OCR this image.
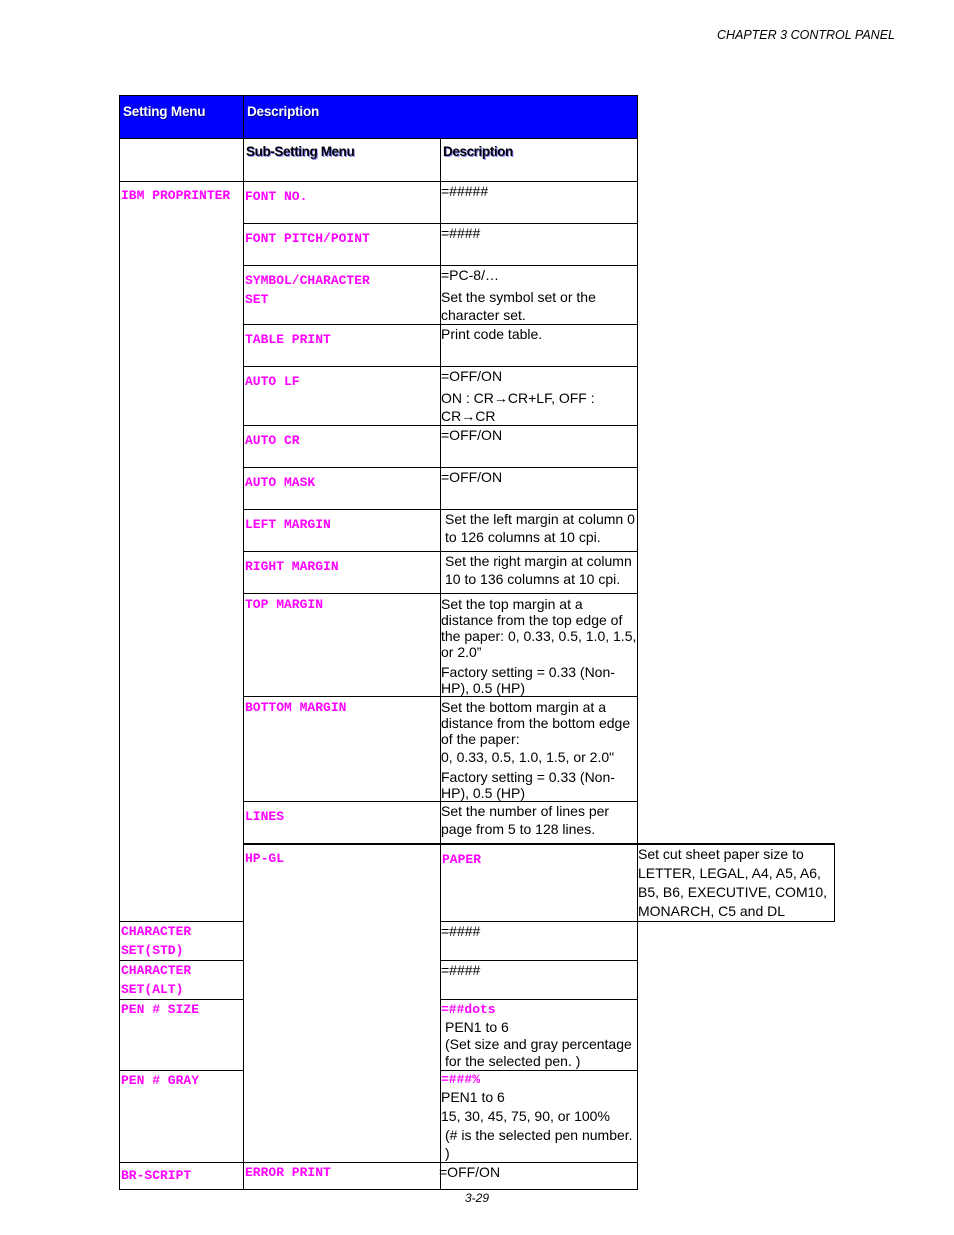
CHAPTER 3 CONTROL PANEL
Setting Menu	Description		

	Sub-Setting Menu	Description	

IBM PROPRINTER	FONT NO.	=#####	

	FONT PITCH/POINT	=####	

	SYMBOL/CHARACTER SET	=PC-8/…
Set the symbol set or the character set.	

	TABLE PRINT	Print code table.	

	AUTO LF	=OFF/ON
ON : CR→CR+LF, OFF : CR→CR	

	AUTO CR	=OFF/ON	

	AUTO MASK	=OFF/ON	

	LEFT MARGIN	Set the left margin at column 0 to 126 columns at 10 cpi.	

	RIGHT MARGIN	Set the right margin at column 10 to 136 columns at 10 cpi.	

	TOP MARGIN	Set the top margin at a distance from the top edge of the paper: 0, 0.33, 0.5, 1.0, 1.5, or 2.0”
Factory setting = 0.33 (Non-HP), 0.5 (HP)	

	BOTTOM MARGIN	Set the bottom margin at a distance from the bottom edge of the paper:
0, 0.33, 0.5, 1.0, 1.5, or 2.0"
Factory setting = 0.33 (Non-HP), 0.5 (HP)	

	LINES	Set the number of lines per page from 5 to 128 lines.	

	HP-GL	PAPER	Set cut sheet paper size to LETTER, LEGAL, A4, A5, A6, B5, B6, EXECUTIVE, COM10, MONARCH, C5 and DL

CHARACTER SET(STD)		=####	

CHARACTER SET(ALT)		=####	

PEN # SIZE		=##dots
PEN1 to 6
(Set size and gray percentage for the selected pen. )	

PEN # GRAY		=###%
PEN1 to 6
15, 30, 45, 75, 90, or 100%
(# is the selected pen number. )	

BR-SCRIPT	ERROR PRINT	=OFF/ON	
3-29
